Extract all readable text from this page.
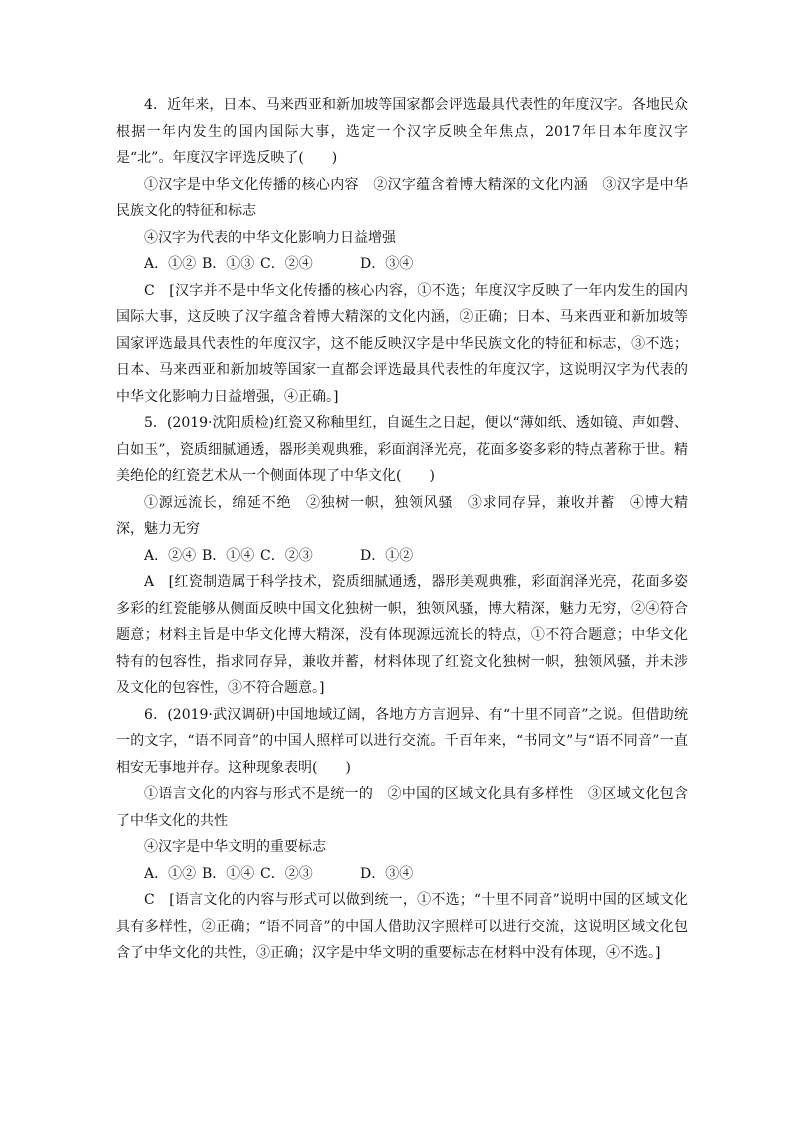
4．近年来，日本、马来西亚和新加坡等国家都会评选最具代表性的年度汉字。各地民众根据一年内发生的国内国际大事，选定一个汉字反映全年焦点，2017年日本年度汉字是“北”。年度汉字评选反映了(　　)

①汉字是中华文化传播的核心内容　②汉字蕴含着博大精深的文化内涵　③汉字是中华民族文化的特征和标志

④汉字为代表的中华文化影响力日益增强

A．①② B．①③ C．②④	D．③④

C　[汉字并不是中华文化传播的核心内容，①不选；年度汉字反映了一年内发生的国内国际大事，这反映了汉字蕴含着博大精深的文化内涵，②正确；日本、马来西亚和新加坡等国家评选最具代表性的年度汉字，这不能反映汉字是中华民族文化的特征和标志，③不选；日本、马来西亚和新加坡等国家一直都会评选最具代表性的年度汉字，这说明汉字为代表的中华文化影响力日益增强，④正确。]

5．(2019·沈阳质检)红瓷又称釉里红，自诞生之日起，便以“薄如纸、透如镜、声如磬、白如玉”，瓷质细腻通透，器形美观典雅，彩面润泽光亮，花面多姿多彩的特点著称于世。精美绝伦的红瓷艺术从一个侧面体现了中华文化(　　)

①源远流长，绵延不绝　②独树一帜，独领风骚　③求同存异，兼收并蓄　④博大精深，魅力无穷

A．②④ B．①④ C．②③	D．①②

A　[红瓷制造属于科学技术，瓷质细腻通透，器形美观典雅，彩面润泽光亮，花面多姿多彩的红瓷能够从侧面反映中国文化独树一帜，独领风骚，博大精深，魅力无穷，②④符合题意；材料主旨是中华文化博大精深，没有体现源远流长的特点，①不符合题意；中华文化特有的包容性，指求同存异，兼收并蓄，材料体现了红瓷文化独树一帜，独领风骚，并未涉及文化的包容性，③不符合题意。]

6．(2019·武汉调研)中国地域辽阔，各地方方言迥异、有“十里不同音”之说。但借助统一的文字，“语不同音”的中国人照样可以进行交流。千百年来，“书同文”与“语不同音”一直相安无事地并存。这种现象表明(　　)

①语言文化的内容与形式不是统一的　②中国的区域文化具有多样性　③区域文化包含了中华文化的共性

④汉字是中华文明的重要标志

A．①② B．①④ C．②③	D．③④

C　[语言文化的内容与形式可以做到统一，①不选；“十里不同音”说明中国的区域文化具有多样性，②正确；“语不同音”的中国人借助汉字照样可以进行交流，这说明区域文化包含了中华文化的共性，③正确；汉字是中华文明的重要标志在材料中没有体现，④不选。]
